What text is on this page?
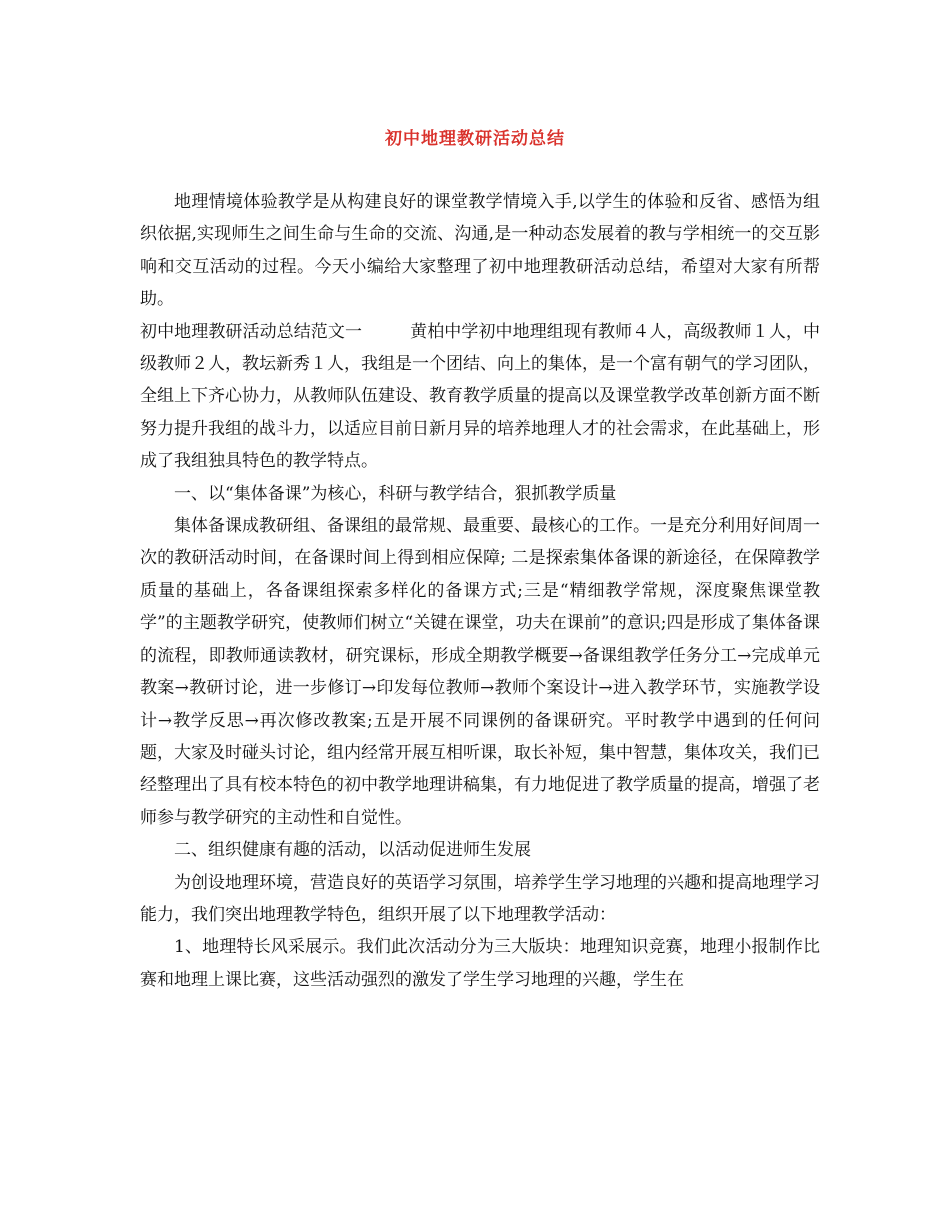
初中地理教研活动总结

地理情境体验教学是从构建良好的课堂教学情境入手,以学生的体验和反省、感悟为组织依据,实现师生之间生命与生命的交流、沟通,是一种动态发展着的教与学相统一的交互影响和交互活动的过程。今天小编给大家整理了初中地理教研活动总结，希望对大家有所帮助。

初中地理教研活动总结范文一	黄柏中学初中地理组现有教师４人，高级教师１人，中级教师２人，教坛新秀１人，我组是一个团结、向上的集体，是一个富有朝气的学习团队，全组上下齐心协力，从教师队伍建设、教育教学质量的提高以及课堂教学改革创新方面不断努力提升我组的战斗力，以适应目前日新月异的培养地理人才的社会需求，在此基础上，形成了我组独具特色的教学特点。

一、以“集体备课”为核心，科研与教学结合，狠抓教学质量

集体备课成教研组、备课组的最常规、最重要、最核心的工作。一是充分利用好间周一次的教研活动时间，在备课时间上得到相应保障; 二是探索集体备课的新途径，在保障教学质量的基础上，各备课组探索多样化的备课方式;三是“精细教学常规，深度聚焦课堂教学”的主题教学研究，使教师们树立“关键在课堂，功夫在课前”的意识;四是形成了集体备课的流程，即教师通读教材，研究课标，形成全期教学概要→备课组教学任务分工→完成单元教案→教研讨论，进一步修订→印发每位教师→教师个案设计→进入教学环节，实施教学设计→教学反思→再次修改教案;五是开展不同课例的备课研究。平时教学中遇到的任何问题，大家及时碰头讨论，组内经常开展互相听课，取长补短，集中智慧，集体攻关，我们已经整理出了具有校本特色的初中教学地理讲稿集，有力地促进了教学质量的提高，增强了老师参与教学研究的主动性和自觉性。

二、组织健康有趣的活动，以活动促进师生发展

为创设地理环境，营造良好的英语学习氛围，培养学生学习地理的兴趣和提高地理学习能力，我们突出地理教学特色，组织开展了以下地理教学活动：

1、地理特长风采展示。我们此次活动分为三大版块：地理知识竞赛，地理小报制作比赛和地理上课比赛，这些活动强烈的激发了学生学习地理的兴趣，学生在
